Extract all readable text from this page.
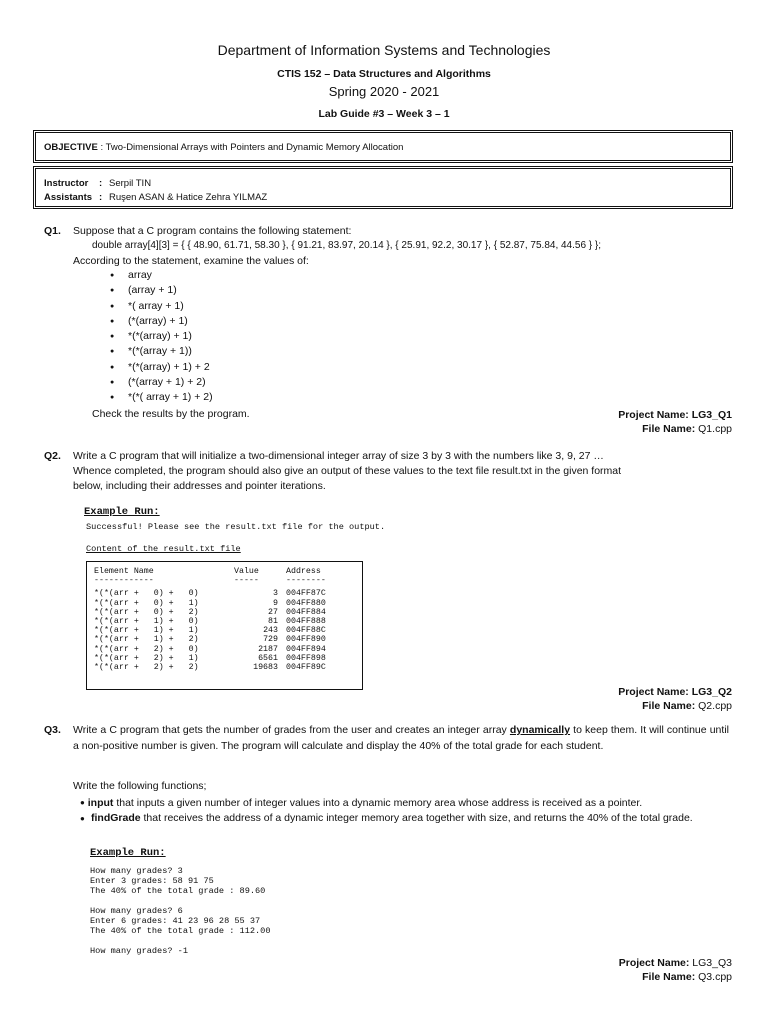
Department of Information Systems and Technologies
CTIS 152 – Data Structures and Algorithms
Spring 2020 - 2021
Lab Guide #3 – Week 3 – 1
OBJECTIVE : Two-Dimensional Arrays with Pointers and Dynamic Memory Allocation
Instructor : Serpil TIN
Assistants : Ruşen ASAN & Hatice Zehra YILMAZ
Q1. Suppose that a C program contains the following statement:
double array[4][3] = { { 48.90, 61.71, 58.30 }, { 91.21, 83.97, 20.14 }, { 25.91, 92.2, 30.17 }, { 52.87, 75.84, 44.56 } };
According to the statement, examine the values of:
● array
● (array + 1)
● *( array + 1)
● (*(array) + 1)
● *(*(array) + 1)
● *(*(array + 1))
● *(*(array) + 1) + 2
● (*(array + 1) + 2)
● *(*( array + 1) + 2)
Check the results by the program.	Project Name: LG3_Q1
File Name: Q1.cpp
Q2. Write a C program that will initialize a two-dimensional integer array of size 3 by 3 with the numbers like 3, 9, 27 …
Whence completed, the program should also give an output of these values to the text file result.txt in the given format
below, including their addresses and pointer iterations.
Example Run:
Successful! Please see the result.txt file for the output.
Content of the result.txt file
Element Name	Value	Address
------------	-----	--------

*(*(arr +   0) +   0)	3	004FF87C
*(*(arr +   0) +   1)	9	004FF880
*(*(arr +   0) +   2)	27	004FF884
*(*(arr +   1) +   0)	81	004FF888
*(*(arr +   1) +   1)	243	004FF88C
*(*(arr +   1) +   2)	729	004FF890
*(*(arr +   2) +   0)	2187	004FF894
*(*(arr +   2) +   1)	6561	004FF898
*(*(arr +   2) +   2)	19683	004FF89C
Project Name: LG3_Q2
File Name: Q2.cpp
Q3. Write a C program that gets the number of grades from the user and creates an integer array dynamically to keep them. It will continue until a non-positive number is given. The program will calculate and display the 40% of the total grade for each student.
Write the following functions;
● input that inputs a given number of integer values into a dynamic memory area whose address is received as a pointer.
● findGrade that receives the address of a dynamic integer memory area together with size, and returns the 40% of the total grade.
Example Run:
How many grades? 3
Enter 3 grades: 58 91 75
The 40% of the total grade : 89.60
How many grades? 6
Enter 6 grades: 41 23 96 28 55 37
The 40% of the total grade : 112.00
How many grades? -1
Project Name: LG3_Q3
File Name: Q3.cpp
